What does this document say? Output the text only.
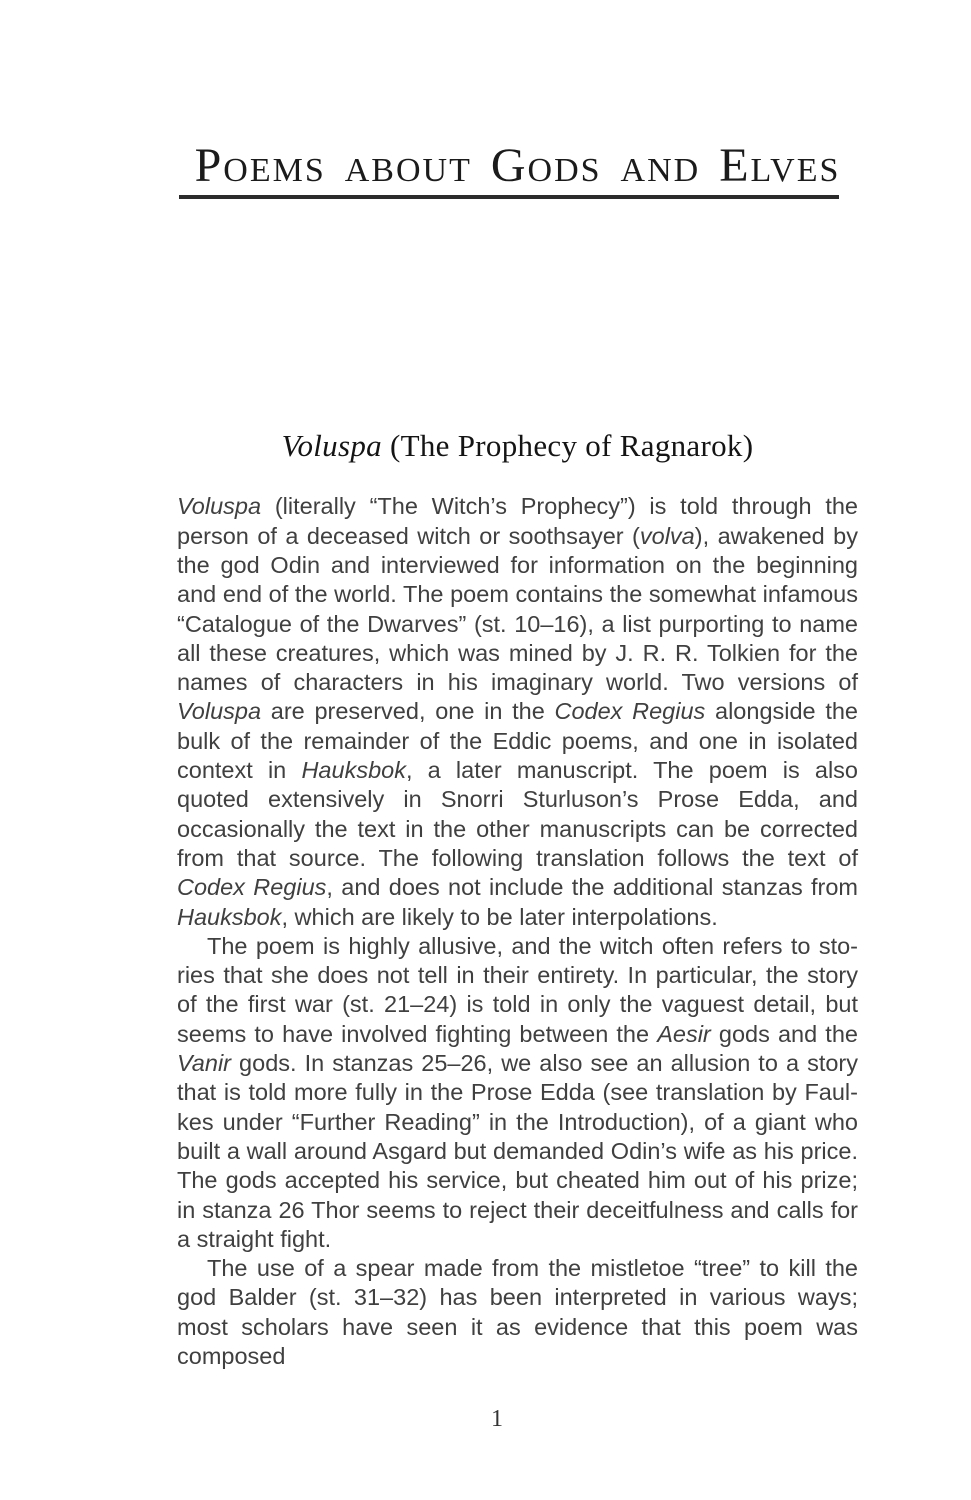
Poems about Gods and Elves
Voluspa (The Prophecy of Ragnarok)

Voluspa (literally “The Witch’s Prophecy”) is told through the person of a deceased witch or soothsayer (volva), awakened by the god Odin and interviewed for information on the beginning and end of the world. The poem contains the somewhat infamous “Catalogue of the Dwarves” (st. 10–16), a list purporting to name all these creatures, which was mined by J. R. R. Tolkien for the names of characters in his imaginary world. Two versions of Voluspa are preserved, one in the Codex Regius alongside the bulk of the remainder of the Eddic poems, and one in isolated context in Hauksbok, a later manuscript. The poem is also quoted extensively in Snorri Sturluson’s Prose Edda, and occasionally the text in the other manuscripts can be corrected from that source. The following translation follows the text of Codex Regius, and does not include the additional stanzas from Hauksbok, which are likely to be later interpolations.

The poem is highly allusive, and the witch often refers to stories that she does not tell in their entirety. In particular, the story of the first war (st. 21–24) is told in only the vaguest detail, but seems to have involved fighting between the Aesir gods and the Vanir gods. In stanzas 25–26, we also see an allusion to a story that is told more fully in the Prose Edda (see translation by Faulkes under “Further Reading” in the Introduction), of a giant who built a wall around Asgard but demanded Odin’s wife as his price. The gods accepted his service, but cheated him out of his prize; in stanza 26 Thor seems to reject their deceitfulness and calls for a straight fight.

The use of a spear made from the mistletoe “tree” to kill the god Balder (st. 31–32) has been interpreted in various ways; most scholars have seen it as evidence that this poem was composed

1
